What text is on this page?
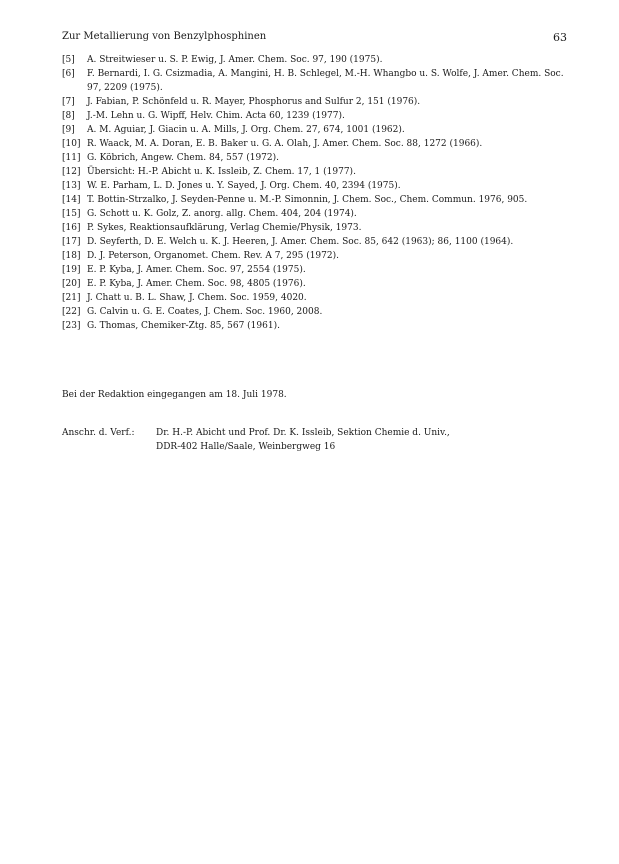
Zur Metallierung von Benzylphosphinen	63
[5] A. Streitwieser u. S. P. Ewig, J. Amer. Chem. Soc. 97, 190 (1975).
[6] F. Bernardi, I. G. Csizmadia, A. Mangini, H. B. Schlegel, M.-H. Whangbo u. S. Wolfe, J. Amer. Chem. Soc. 97, 2209 (1975).
[7] J. Fabian, P. Schönfeld u. R. Mayer, Phosphorus and Sulfur 2, 151 (1976).
[8] J.-M. Lehn u. G. Wipff, Helv. Chim. Acta 60, 1239 (1977).
[9] A. M. Aguiar, J. Giacin u. A. Mills, J. Org. Chem. 27, 674, 1001 (1962).
[10] R. Waack, M. A. Doran, E. B. Baker u. G. A. Olah, J. Amer. Chem. Soc. 88, 1272 (1966).
[11] G. Köbrich, Angew. Chem. 84, 557 (1972).
[12] Übersicht: H.-P. Abicht u. K. Issleib, Z. Chem. 17, 1 (1977).
[13] W. E. Parham, L. D. Jones u. Y. Sayed, J. Org. Chem. 40, 2394 (1975).
[14] T. Bottin-Strzalko, J. Seyden-Penne u. M.-P. Simonnin, J. Chem. Soc., Chem. Commun. 1976, 905.
[15] G. Schott u. K. Golz, Z. anorg. allg. Chem. 404, 204 (1974).
[16] P. Sykes, Reaktionsaufklärung, Verlag Chemie/Physik, 1973.
[17] D. Seyferth, D. E. Welch u. K. J. Heeren, J. Amer. Chem. Soc. 85, 642 (1963); 86, 1100 (1964).
[18] D. J. Peterson, Organomet. Chem. Rev. A 7, 295 (1972).
[19] E. P. Kyba, J. Amer. Chem. Soc. 97, 2554 (1975).
[20] E. P. Kyba, J. Amer. Chem. Soc. 98, 4805 (1976).
[21] J. Chatt u. B. L. Shaw, J. Chem. Soc. 1959, 4020.
[22] G. Calvin u. G. E. Coates, J. Chem. Soc. 1960, 2008.
[23] G. Thomas, Chemiker-Ztg. 85, 567 (1961).
Bei der Redaktion eingegangen am 18. Juli 1978.
Anschr. d. Verf.: Dr. H.-P. Abicht und Prof. Dr. K. Issleib, Sektion Chemie d. Univ.,
DDR-402 Halle/Saale, Weinbergweg 16
